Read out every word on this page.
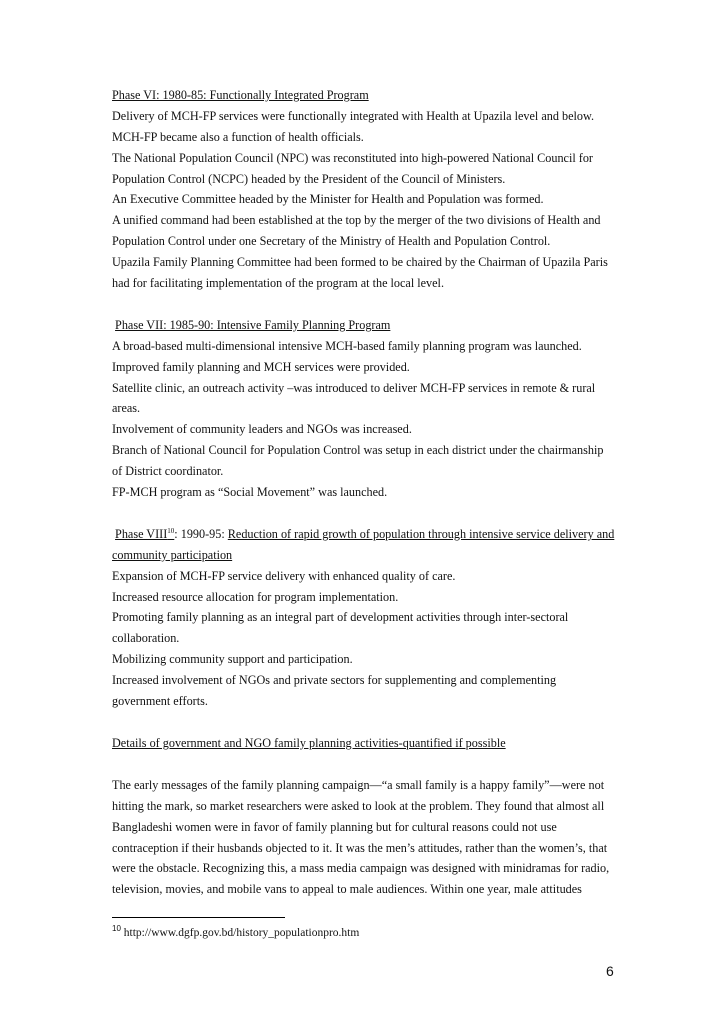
Phase VI: 1980-85: Functionally Integrated Program
Delivery of MCH-FP services were functionally integrated with Health at Upazila level and below.
MCH-FP became also a function of health officials.
The National Population Council (NPC) was reconstituted into high-powered National Council for
Population Control (NCPC) headed by the President of the Council of Ministers.
An Executive Committee headed by the Minister for Health and Population was formed.
A unified command had been established at the top by the merger of the two divisions of Health and
Population Control under one Secretary of the Ministry of Health and Population Control.
Upazila Family Planning Committee had been formed to be chaired by the Chairman of Upazila Paris
had for facilitating implementation of the program at the local level.
Phase VII: 1985-90: Intensive Family Planning Program
A broad-based multi-dimensional intensive MCH-based family planning program was launched.
Improved family planning and MCH services were provided.
Satellite clinic, an outreach activity –was introduced to deliver MCH-FP services in remote & rural
areas.
Involvement of community leaders and NGOs was increased.
Branch of National Council for Population Control was setup in each district under the chairmanship
of District coordinator.
FP-MCH program as “Social Movement” was launched.
Phase VIII$^{10}$: 1990-95: Reduction of rapid growth of population through intensive service delivery and
community participation
Expansion of MCH-FP service delivery with enhanced quality of care.
Increased resource allocation for program implementation.
Promoting family planning as an integral part of development activities through inter-sectoral
collaboration.
Mobilizing community support and participation.
Increased involvement of NGOs and private sectors for supplementing and complementing
government efforts.
Details of government and NGO family planning activities-quantified if possible
The early messages of the family planning campaign—“a small family is a happy family”—were not
hitting the mark, so market researchers were asked to look at the problem. They found that almost all
Bangladeshi women were in favor of family planning but for cultural reasons could not use
contraception if their husbands objected to it. It was the men’s attitudes, rather than the women’s, that
were the obstacle. Recognizing this, a mass media campaign was designed with minidramas for radio,
television, movies, and mobile vans to appeal to male audiences. Within one year, male attitudes
$^{10}$ http://www.dgfp.gov.bd/history_populationpro.htm
6
